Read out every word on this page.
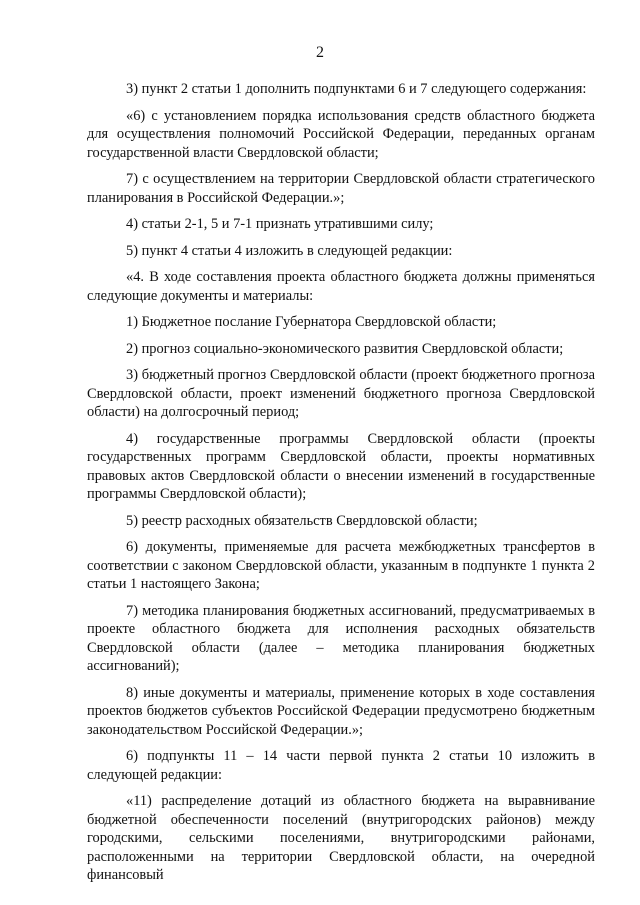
2

3) пункт 2 статьи 1 дополнить подпунктами 6 и 7 следующего содержания:

«6) с установлением порядка использования средств областного бюджета для осуществления полномочий Российской Федерации, переданных органам государственной власти Свердловской области;

7) с осуществлением на территории Свердловской области стратегического планирования в Российской Федерации.»;

4) статьи 2-1, 5 и 7-1 признать утратившими силу;

5) пункт 4 статьи 4 изложить в следующей редакции:

«4. В ходе составления проекта областного бюджета должны применяться следующие документы и материалы:

1) Бюджетное послание Губернатора Свердловской области;

2) прогноз социально-экономического развития Свердловской области;

3) бюджетный прогноз Свердловской области (проект бюджетного прогноза Свердловской области, проект изменений бюджетного прогноза Свердловской области) на долгосрочный период;

4) государственные программы Свердловской области (проекты государственных программ Свердловской области, проекты нормативных правовых актов Свердловской области о внесении изменений в государственные программы Свердловской области);

5) реестр расходных обязательств Свердловской области;

6) документы, применяемые для расчета межбюджетных трансфертов в соответствии с законом Свердловской области, указанным в подпункте 1 пункта 2 статьи 1 настоящего Закона;

7) методика планирования бюджетных ассигнований, предусматриваемых в проекте областного бюджета для исполнения расходных обязательств Свердловской области (далее – методика планирования бюджетных ассигнований);

8) иные документы и материалы, применение которых в ходе составления проектов бюджетов субъектов Российской Федерации предусмотрено бюджетным законодательством Российской Федерации.»;

6) подпункты 11 – 14 части первой пункта 2 статьи 10 изложить в следующей редакции:

«11) распределение дотаций из областного бюджета на выравнивание бюджетной обеспеченности поселений (внутригородских районов) между городскими, сельскими поселениями, внутригородскими районами, расположенными на территории Свердловской области, на очередной финансовый
